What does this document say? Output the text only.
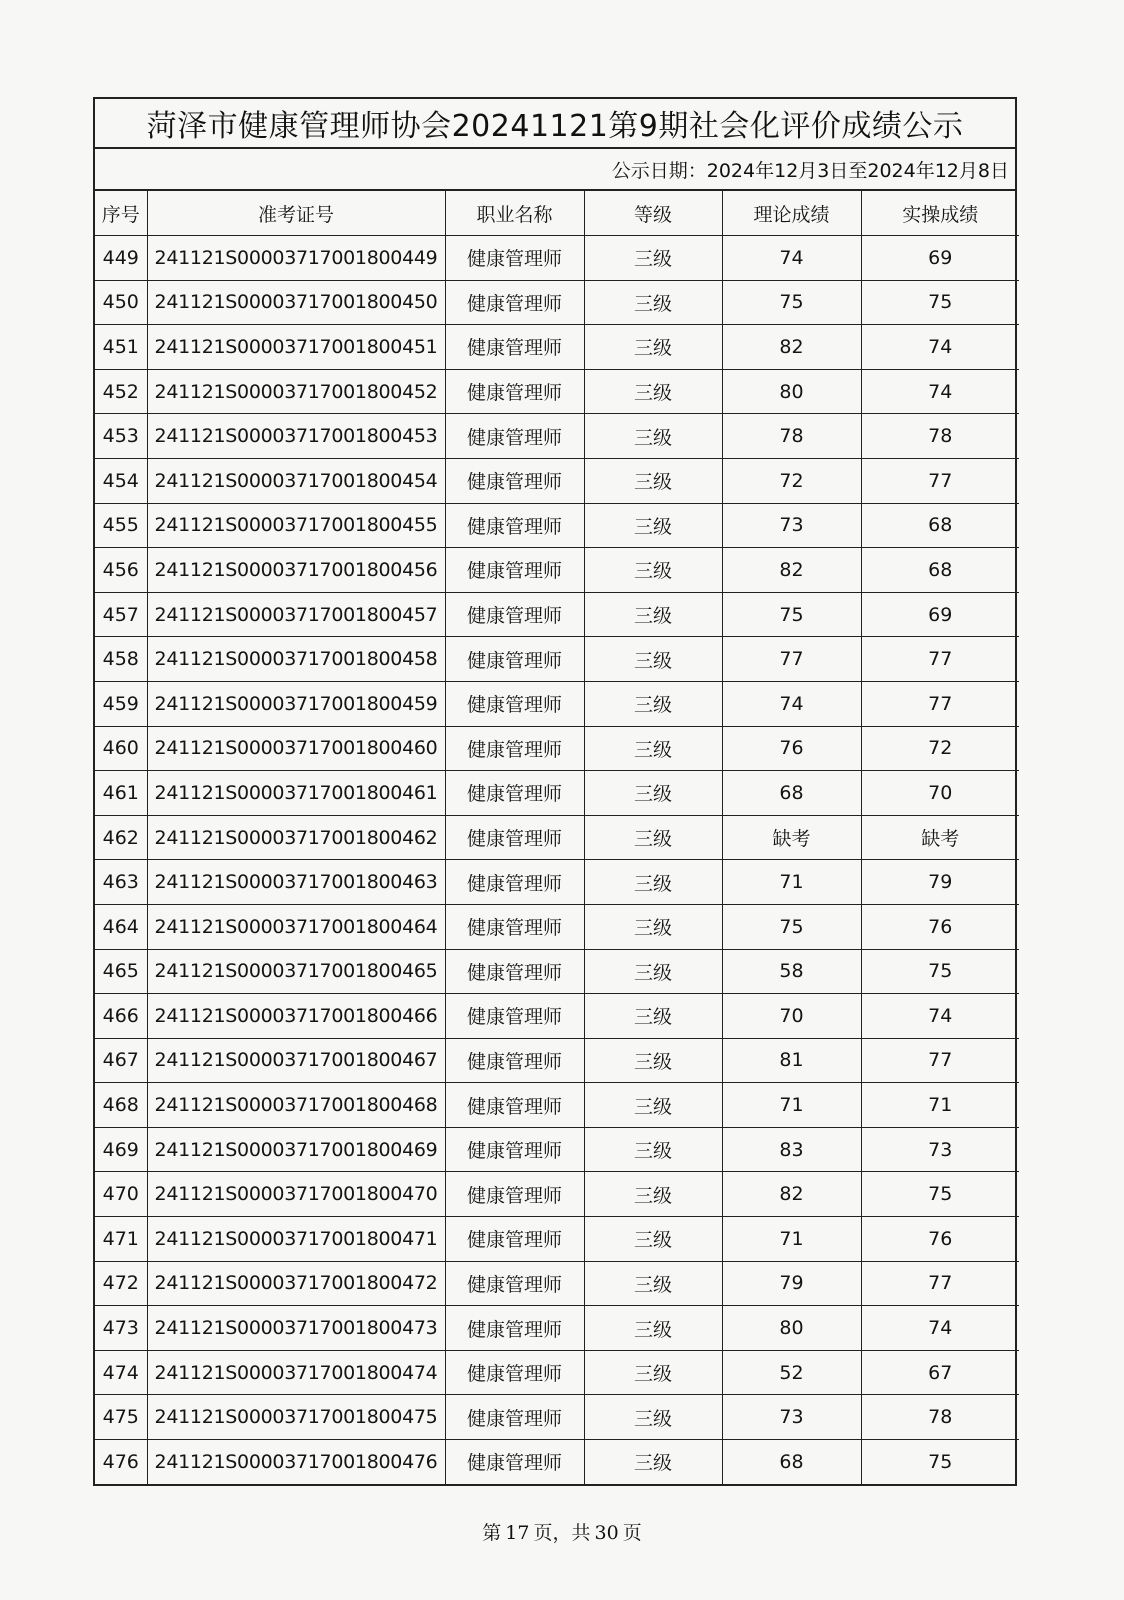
菏泽市健康管理师协会20241121第9期社会化评价成绩公示
公示日期：2024年12月3日至2024年12月8日
序号	准考证号	职业名称	等级	理论成绩	实操成绩
449	241121S00003717001800449	健康管理师	三级	74	69
450	241121S00003717001800450	健康管理师	三级	75	75
451	241121S00003717001800451	健康管理师	三级	82	74
452	241121S00003717001800452	健康管理师	三级	80	74
453	241121S00003717001800453	健康管理师	三级	78	78
454	241121S00003717001800454	健康管理师	三级	72	77
455	241121S00003717001800455	健康管理师	三级	73	68
456	241121S00003717001800456	健康管理师	三级	82	68
457	241121S00003717001800457	健康管理师	三级	75	69
458	241121S00003717001800458	健康管理师	三级	77	77
459	241121S00003717001800459	健康管理师	三级	74	77
460	241121S00003717001800460	健康管理师	三级	76	72
461	241121S00003717001800461	健康管理师	三级	68	70
462	241121S00003717001800462	健康管理师	三级	缺考	缺考
463	241121S00003717001800463	健康管理师	三级	71	79
464	241121S00003717001800464	健康管理师	三级	75	76
465	241121S00003717001800465	健康管理师	三级	58	75
466	241121S00003717001800466	健康管理师	三级	70	74
467	241121S00003717001800467	健康管理师	三级	81	77
468	241121S00003717001800468	健康管理师	三级	71	71
469	241121S00003717001800469	健康管理师	三级	83	73
470	241121S00003717001800470	健康管理师	三级	82	75
471	241121S00003717001800471	健康管理师	三级	71	76
472	241121S00003717001800472	健康管理师	三级	79	77
473	241121S00003717001800473	健康管理师	三级	80	74
474	241121S00003717001800474	健康管理师	三级	52	67
475	241121S00003717001800475	健康管理师	三级	73	78
476	241121S00003717001800476	健康管理师	三级	68	75
第 17 页，共 30 页
